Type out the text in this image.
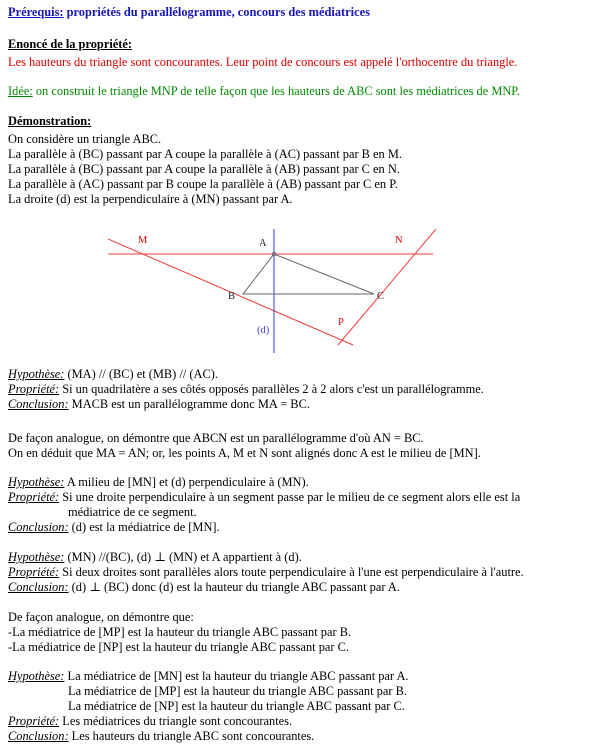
Prérequis: propriétés du parallélogramme, concours des médiatrices
Enoncé de la propriété:
Les hauteurs du triangle sont concourantes. Leur point de concours est appelé l'orthocentre du triangle.
Idée: on construit le triangle MNP de telle façon que les hauteurs de ABC sont les médiatrices de MNP.
Démonstration:
On considère un triangle ABC.
La parallèle à (BC) passant par A coupe la parallèle à (AC) passant par B en M.
La parallèle à (BC) passant par A coupe la parallèle à (AB) passant par C en N.
La parallèle à (AC) passant par B coupe la parallèle à (AB) passant par C en P.
La droite (d) est la perpendiculaire à (MN) passant par A.
M	N
A
B	C
P
(d)
Hypothèse: (MA) // (BC) et (MB) // (AC).
Propriété: Si un quadrilatère a ses côtés opposés parallèles 2 à 2 alors c'est un parallélogramme.
Conclusion: MACB est un parallélogramme donc MA = BC.
De façon analogue, on démontre que ABCN est un parallélogramme d'où AN = BC.
On en déduit que MA = AN; or, les points A, M et N sont alignés donc A est le milieu de [MN].
Hypothèse: A milieu de [MN] et (d) perpendiculaire à (MN).
Propriété: Si une droite perpendiculaire à un segment passe par le milieu de ce segment alors elle est la
médiatrice de ce segment.
Conclusion: (d) est la médiatrice de [MN].
Hypothèse: (MN) //(BC), (d) ⊥ (MN) et A appartient à (d).
Propriété: Si deux droites sont parallèles alors toute perpendiculaire à l'une est perpendiculaire à l'autre.
Conclusion: (d) ⊥ (BC) donc (d) est la hauteur du triangle ABC passant par A.
De façon analogue, on démontre que:
-La médiatrice de [MP] est la hauteur du triangle ABC passant par B.
-La médiatrice de [NP] est la hauteur du triangle ABC passant par C.
Hypothèse: La médiatrice de [MN] est la hauteur du triangle ABC passant par A.
La médiatrice de [MP] est la hauteur du triangle ABC passant par B.
La médiatrice de [NP] est la hauteur du triangle ABC passant par C.
Propriété: Les médiatrices du triangle sont concourantes.
Conclusion: Les hauteurs du triangle ABC sont concourantes.
